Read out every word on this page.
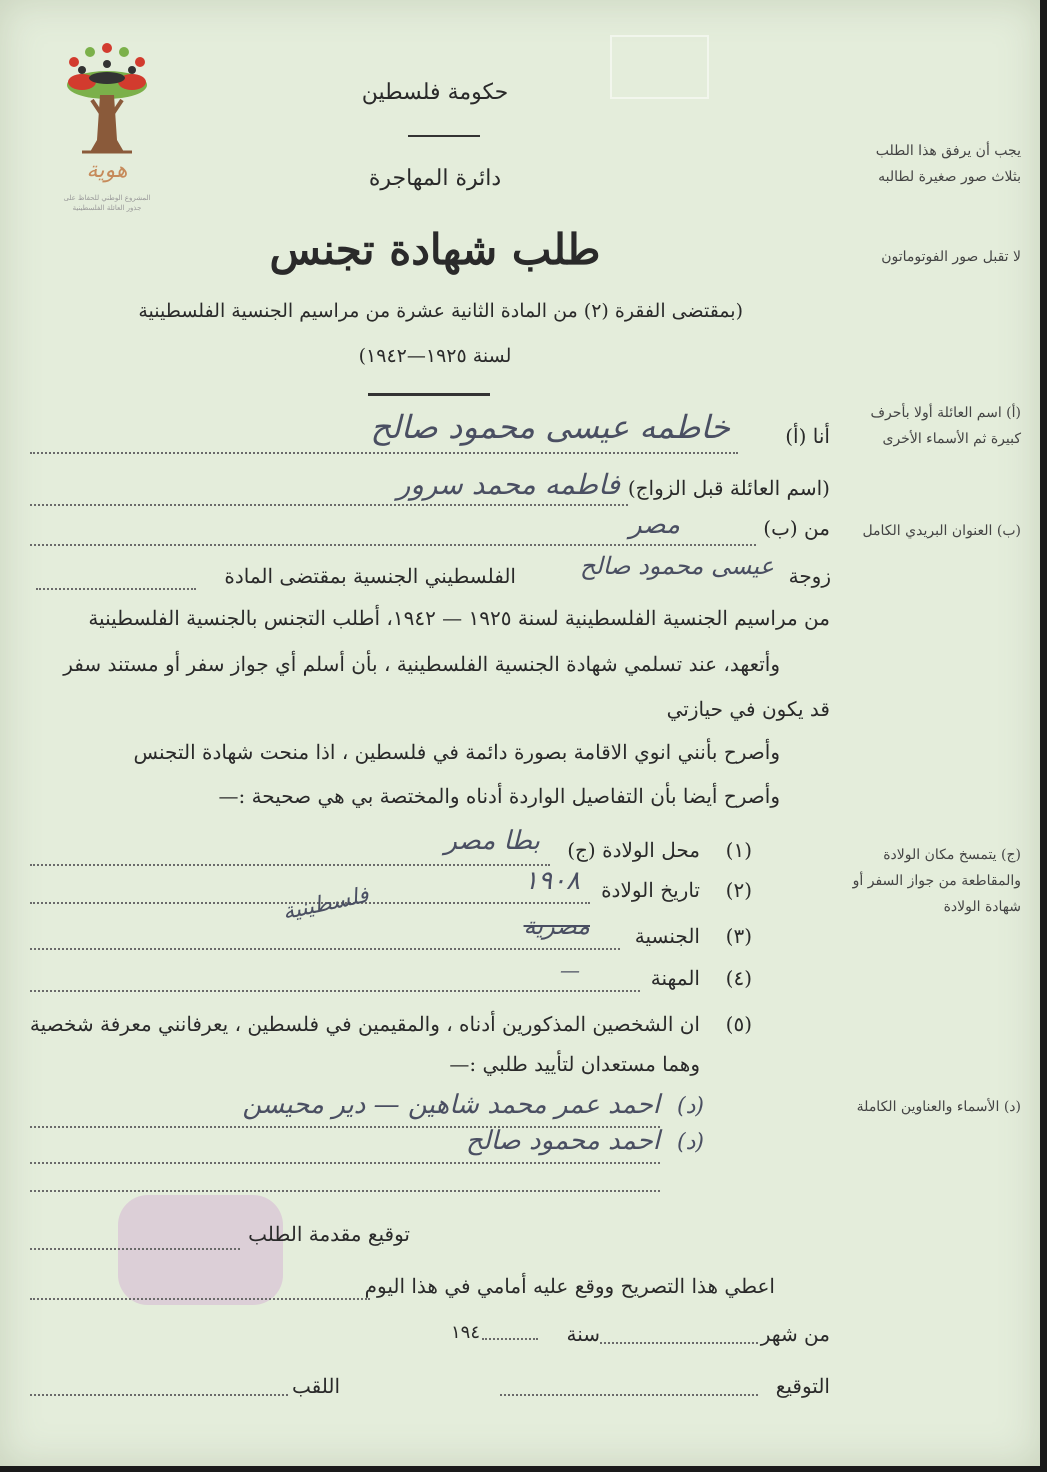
هوية
المشروع الوطني للحفاظ على
جذور العائلة الفلسطينية
حكومة فلسطين
دائرة المهاجرة
طلب شهادة تجنس
(بمقتضى الفقرة (٢) من المادة الثانية عشرة من مراسيم الجنسية الفلسطينية
لسنة ١٩٢٥—١٩٤٢)
يجب أن يرفق هذا الطلب بثلاث صور صغيرة لطالبه
لا تقبل صور الفوتوماتون
(أ) اسم العائلة أولا بأحرف كبيرة ثم الأسماء الأخرى
(ب) العنوان البريدي الكامل
(ج) يتمسخ مكان الولادة والمقاطعة من جواز السفر أو شهادة الولادة
(د) الأسماء والعناوين الكاملة
أنا (أ)
خاطمه عيسى محمود صالح
(اسم العائلة قبل الزواج)
فاطمه محمد سرور
من (ب)
مصر
زوجة
عيسى محمود صالح
الفلسطيني الجنسية بمقتضى المادة
من مراسيم الجنسية الفلسطينية لسنة ١٩٢٥ — ١٩٤٢، أطلب التجنس بالجنسية الفلسطينية
وأتعهد، عند تسلمي شهادة الجنسية الفلسطينية ، بأن أسلم أي جواز سفر أو مستند سفر
قد يكون في حيازتي
وأصرح بأنني انوي الاقامة بصورة دائمة في فلسطين ، اذا منحت شهادة التجنس
وأصرح أيضا بأن التفاصيل الواردة أدناه والمختصة بي هي صحيحة :—
(١)
محل الولادة (ج)
بطا مصر
(٢)
تاريخ الولادة
١٩٠٨
(٣)
الجنسية
مصرية
فلسطينية
(٤)
المهنة
—
(٥)
ان الشخصين المذكورين أدناه ، والمقيمين في فلسطين ، يعرفانني معرفة شخصية
وهما مستعدان لتأييد طلبي :—
(د)
احمد عمر محمد شاهين — دير محيسن
(د)
احمد محمود صالح
توقيع مقدمة الطلب
اعطي هذا التصريح ووقع عليه أمامي في هذا اليوم
من شهر
سنة
١٩٤
التوقيع
اللقب
